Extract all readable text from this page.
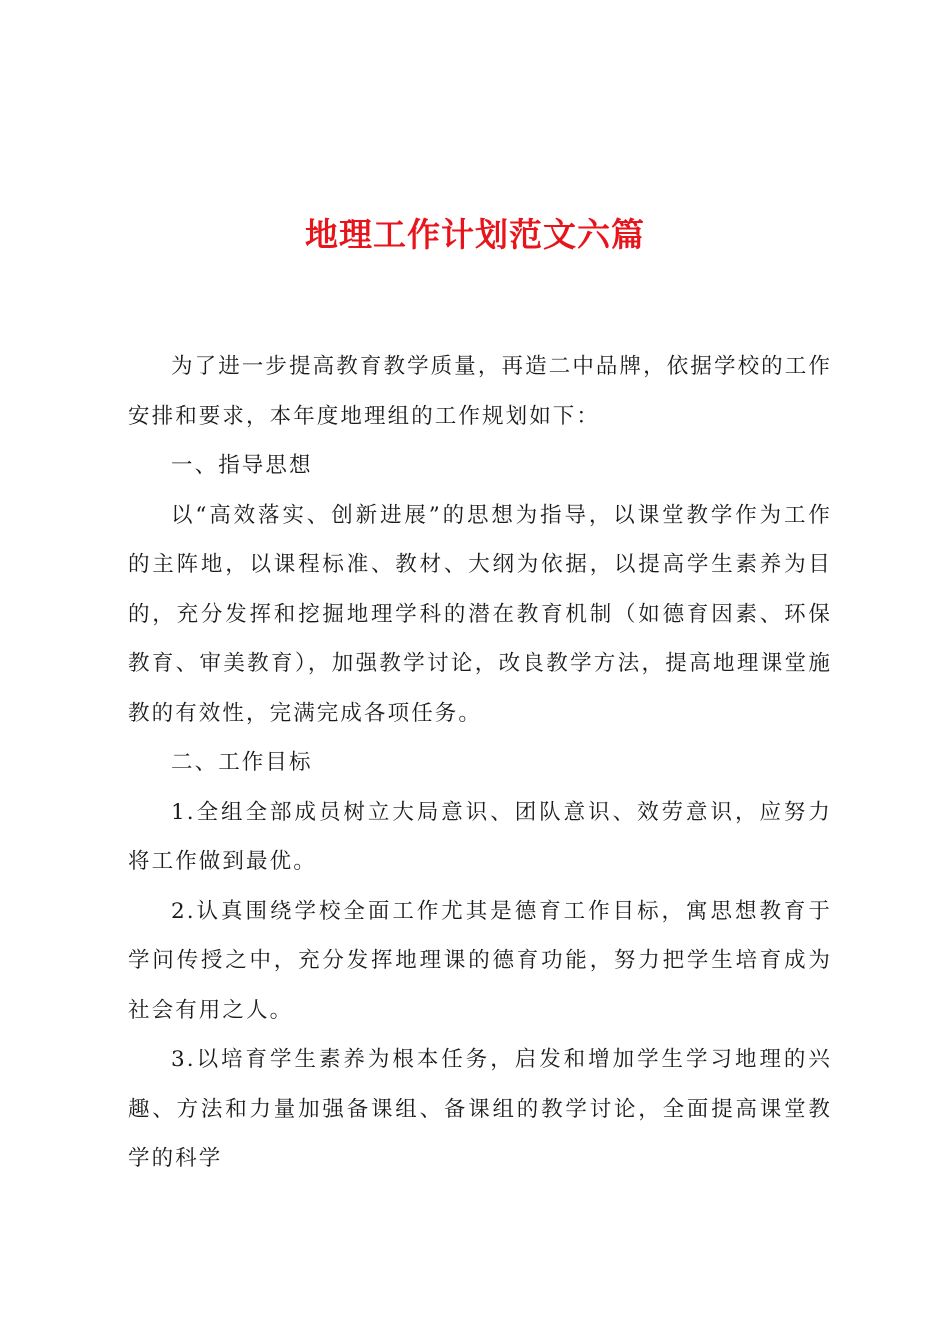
地理工作计划范文六篇

为了进一步提高教育教学质量，再造二中品牌，依据学校的工作安排和要求，本年度地理组的工作规划如下：

一、指导思想

以“高效落实、创新进展”的思想为指导，以课堂教学作为工作的主阵地，以课程标准、教材、大纲为依据，以提高学生素养为目的，充分发挥和挖掘地理学科的潜在教育机制（如德育因素、环保教育、审美教育），加强教学讨论，改良教学方法，提高地理课堂施教的有效性，完满完成各项任务。

二、工作目标

1.全组全部成员树立大局意识、团队意识、效劳意识，应努力将工作做到最优。

2.认真围绕学校全面工作尤其是德育工作目标，寓思想教育于学问传授之中，充分发挥地理课的德育功能，努力把学生培育成为社会有用之人。

3.以培育学生素养为根本任务，启发和增加学生学习地理的兴趣、方法和力量加强备课组、备课组的教学讨论，全面提高课堂教学的科学
